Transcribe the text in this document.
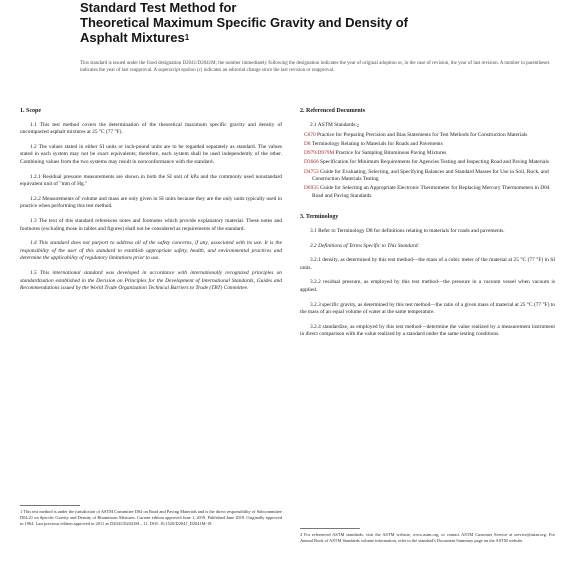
Standard Test Method for
Theoretical Maximum Specific Gravity and Density of
Asphalt Mixtures$^1$
This standard is issued under the fixed designation D2041/D2041M; the number immediately following the designation indicates the year of original adoption or, in the case of revision, the year of last revision. A number in parentheses indicates the year of last reapproval. A superscript epsilon (ε) indicates an editorial change since the last revision or reapproval.
1. Scope
1.1 This test method covers the determination of the theoretical maximum specific gravity and density of uncompacted asphalt mixtures at 25 °C (77 °F).
1.2 The values stated in either SI units or inch-pound units are to be regarded separately as standard. The values stated in each system may not be exact equivalents; therefore, each system shall be used independently of the other. Combining values from the two systems may result in nonconformance with the standard.
1.2.1 Residual pressure measurements are shown in both the SI unit of kPa and the commonly used nonstandard equivalent unit of "mm of Hg."
1.2.2 Measurements of volume and mass are only given in SI units because they are the only units typically used in practice when performing this test method.
1.3 The text of this standard references notes and footnotes which provide explanatory material. These notes and footnotes (excluding those in tables and figures) shall not be considered as requirements of the standard.
1.4 This standard does not purport to address all of the safety concerns, if any, associated with its use. It is the responsibility of the user of this standard to establish appropriate safety, health, and environmental practices and determine the applicability of regulatory limitations prior to use.
1.5 This international standard was developed in accordance with internationally recognized principles on standardization established in the Decision on Principles for the Development of International Standards, Guides and Recommendations issued by the World Trade Organization Technical Barriers to Trade (TBT) Committee.
2. Referenced Documents
2.1 ASTM Standards:$^2$
C670 Practice for Preparing Precision and Bias Statements for Test Methods for Construction Materials
D8 Terminology Relating to Materials for Roads and Pavements
D979/D979M Practice for Sampling Bituminous Paving Mixtures
D3666 Specification for Minimum Requirements for Agencies Testing and Inspecting Road and Paving Materials
D4753 Guide for Evaluating, Selecting, and Specifying Balances and Standard Masses for Use in Soil, Rock, and Construction Materials Testing
D6935 Guide for Selecting an Appropriate Electronic Thermometer for Replacing Mercury Thermometers in D04 Road and Paving Standards
3. Terminology
3.1 Refer to Terminology D8 for definitions relating to materials for roads and pavements.
3.2 Definitions of Terms Specific to This Standard:
3.2.1 density, as determined by this test method—the mass of a cubic meter of the material at 25 °C (77 °F) in SI units.
3.2.2 residual pressure, as employed by this test method—the pressure in a vacuum vessel when vacuum is applied.
3.2.3 specific gravity, as determined by this test method—the ratio of a given mass of material at 25 °C (77 °F) to the mass of an equal volume of water at the same temperature.
3.2.4 standardize, as employed by this test method—determine the value realized by a measurement instrument in direct comparison with the value realized by a standard under the same testing conditions.
1 This test method is under the jurisdiction of ASTM Committee D04 on Road and Paving Materials and is the direct responsibility of Subcommittee D04.21 on Specific Gravity and Density of Bituminous Mixtures. Current edition approved June 1, 2019. Published June 2019. Originally approved in 1964. Last previous edition approved in 2011 as D2041/D2041M – 11. DOI: 10.1520/D2041_D2041M-19.
2 For referenced ASTM standards, visit the ASTM website, www.astm.org, or contact ASTM Customer Service at service@astm.org. For Annual Book of ASTM Standards volume information, refer to the standard's Document Summary page on the ASTM website.
